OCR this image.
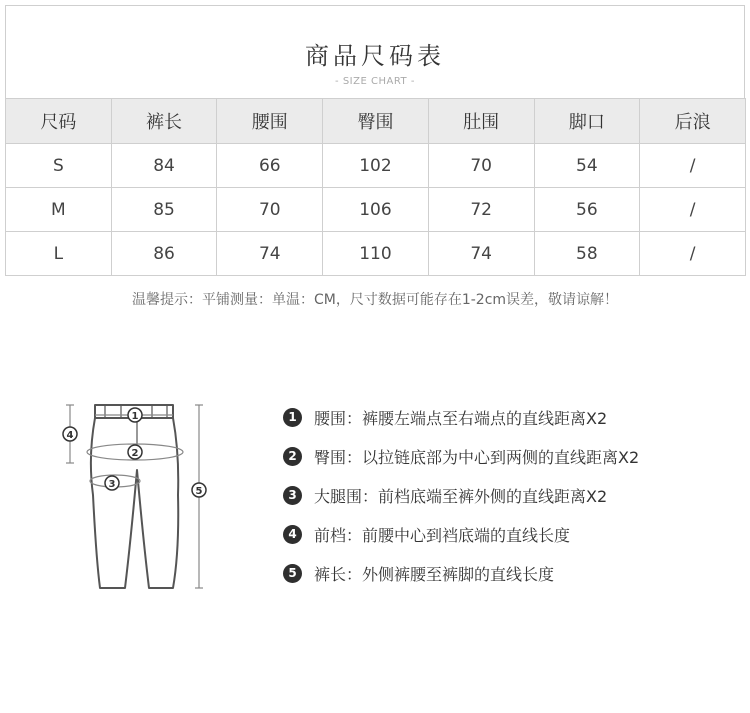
商品尺码表
- SIZE CHART -
尺码	裤长	腰围	臀围	肚围	脚口	后浪
S	84	66	102	70	54	/
M	85	70	106	72	56	/
L	86	74	110	74	58	/
温馨提示：平铺测量：单温：CM，尺寸数据可能存在1-2cm误差，敬请谅解！
1
2
3
4
5
1	腰围：裤腰左端点至右端点的直线距离X2
2	臀围：以拉链底部为中心到两侧的直线距离X2
3	大腿围：前档底端至裤外侧的直线距离X2
4	前档：前腰中心到裆底端的直线长度
5	裤长：外侧裤腰至裤脚的直线长度
